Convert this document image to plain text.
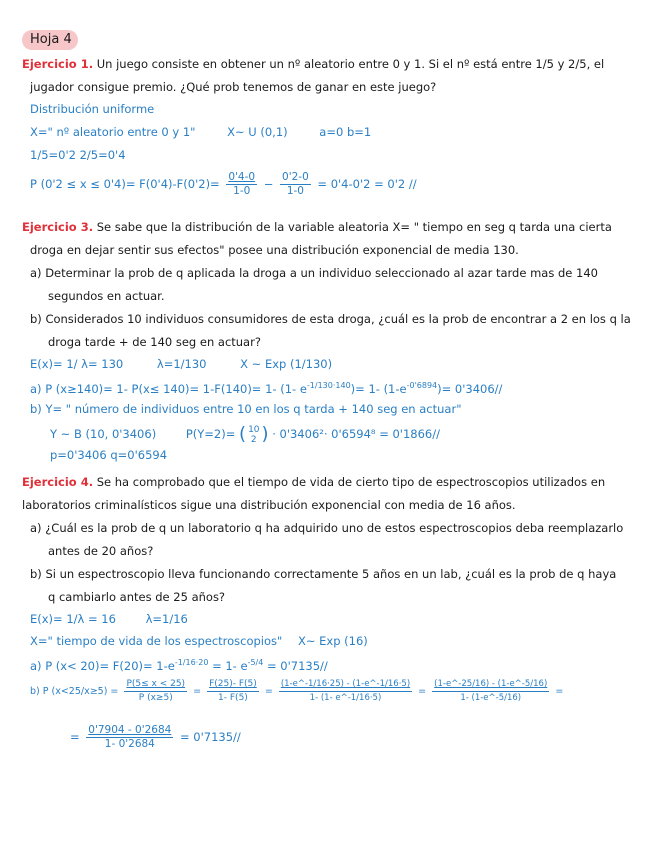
Hoja 4
Ejercicio 1. Un juego consiste en obtener un nº aleatorio entre 0 y 1. Si el nº está entre 1/5 y 2/5, el
jugador consigue premio. ¿Qué prob tenemos de ganar en este juego?
Distribución uniforme
X=" nº aleatorio entre 0 y 1"	X~ U (0,1)	a=0 b=1
1/5=0'2 2/5=0'4
P $(0'2 \le x \le 0'4)= F(0'4)-F(0'2)= \frac{0'4-0}{1-0} - \frac{0'2-0}{1-0} = 0'4-0'2 = 0'2$ //
Ejercicio 3. Se sabe que la distribución de la variable aleatoria X= " tiempo en seg q tarda una cierta
droga en dejar sentir sus efectos" posee una distribución exponencial de media 130.
a) Determinar la prob de q aplicada la droga a un individuo seleccionado al azar tarde mas de 140
segundos en actuar.
b) Considerados 10 individuos consumidores de esta droga, ¿cuál es la prob de encontrar a 2 en los q la
droga tarde + de 140 seg en actuar?
E(x)= 1/ λ= 130	λ=1/130	X ~ Exp (1/130)
a) P (x≥140)= 1- P(x≤ 140)= 1-F(140)= 1- (1- $e^{-1/130\cdot 140})= 1-$ $(1-e^{-0'6894})= 0'3406//$
b) Y= " número de individuos entre 10 en los q tarda + 140 seg en actuar"
Y ~ B (10, 0'3406)	P(Y=2)= ( 10
2 ) · 0'3406²· 0'6594⁸ = 0'1866//
p=0'3406 q=0'6594
Ejercicio 4. Se ha comprobado que el tiempo de vida de cierto tipo de espectroscopios utilizados en
laboratorios criminalísticos sigue una distribución exponencial con media de 16 años.
a) ¿Cuál es la prob de q un laboratorio q ha adquirido uno de estos espectroscopios deba reemplazarlo
antes de 20 años?
b) Si un espectroscopio lleva funcionando correctamente 5 años en un lab, ¿cuál es la prob de q haya
q cambiarlo antes de 25 años?
E(x)= 1/λ = 16	λ=1/16
X=" tiempo de vida de los espectroscopios" X~ Exp (16)
a) P $(x< 20)= F(20)= 1-e^{-1/16\cdot 20} = 1-$ $e^{-5/4} = 0'7135//$
b) P $(x<25/x\ge 5) = \frac{P(5\le x < 25)}{P (x\ge 5)} = \frac{F(25)- F(5)}{1- F(5)} = \frac{(1-e\^{}-1/16\cdot 25) - (1-e\^{}-1/16\cdot 5)}{1- (1- e\^{}-1/16\cdot 5)} = \frac{(1-e\^{}-25/16) - (1-e\^{}-5/16)}{1- (1-e\^{}-5/16)}$ =
= $\frac{0'7904 - 0'2684}{1- 0'2684} = 0'7135//$
